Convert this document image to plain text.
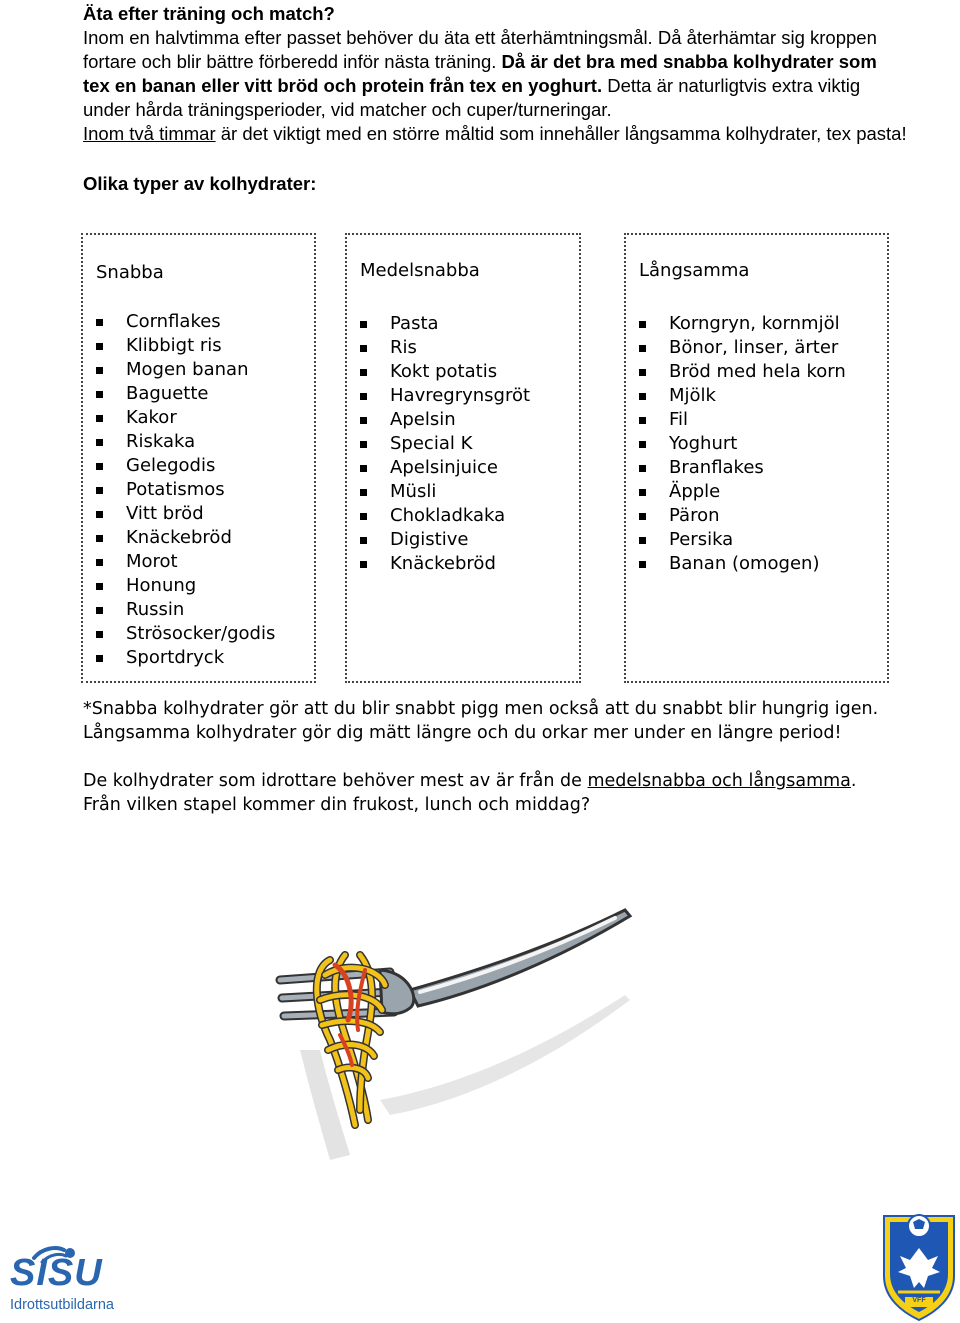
Äta efter träning och match?
Inom en halvtimma efter passet behöver du äta ett återhämtningsmål. Då återhämtar sig kroppen
fortare och blir bättre förberedd inför nästa träning. Då är det bra med snabba kolhydrater som
tex en banan eller vitt bröd och protein från tex en yoghurt. Detta är naturligtvis extra viktig
under hårda träningsperioder, vid matcher och cuper/turneringar.
Inom två timmar är det viktigt med en större måltid som innehåller långsamma kolhydrater, tex pasta!
Olika typer av kolhydrater:
Snabba
Cornflakes
Klibbigt ris
Mogen banan
Baguette
Kakor
Riskaka
Gelegodis
Potatismos
Vitt bröd
Knäckebröd
Morot
Honung
Russin
Strösocker/godis
Sportdryck
Medelsnabba
Pasta
Ris
Kokt potatis
Havregrynsgröt
Apelsin
Special K
Apelsinjuice
Müsli
Chokladkaka
Digistive
Knäckebröd
Långsamma
Korngryn, kornmjöl
Bönor, linser, ärter
Bröd med hela korn
Mjölk
Fil
Yoghurt
Branflakes
Äpple
Päron
Persika
Banan (omogen)
*Snabba kolhydrater gör att du blir snabbt pigg men också att du snabbt blir hungrig igen.
Långsamma kolhydrater gör dig mätt längre och du orkar mer under en längre period!
De kolhydrater som idrottare behöver mest av är från de medelsnabba och långsamma.
Från vilken stapel kommer din frukost, lunch och middag?
SISU
Idrottsutbildarna	VFF
